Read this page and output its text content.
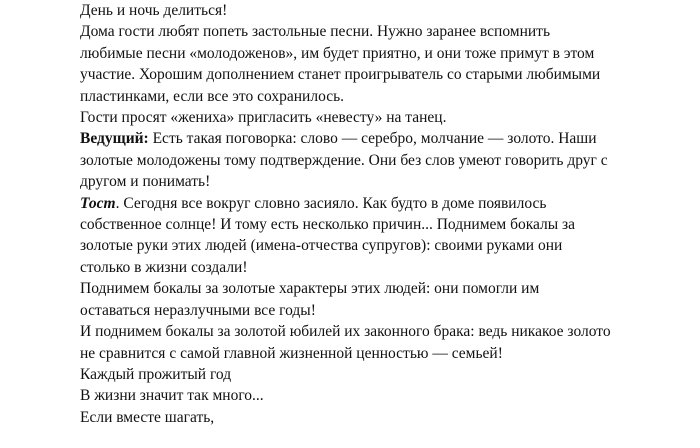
День и ночь делиться!

Дома гости любят попеть застольные песни. Нужно заранее вспомнить

любимые песни «молодоженов», им будет приятно, и они тоже примут в этом

участие. Хорошим дополнением станет проигрыватель со старыми любимыми

пластинками, если все это сохранилось.

Гости просят «жениха» пригласить «невесту» на танец.

Ведущий: Есть такая поговорка: слово — серебро, молчание — золото. Наши

золотые молодожены тому подтверждение. Они без слов умеют говорить друг с

другом и понимать!

Тост. Сегодня все вокруг словно засияло. Как будто в доме появилось

собственное солнце! И тому есть несколько причин... Поднимем бокалы за

золотые руки этих людей (имена-отчества супругов): своими руками они

столько в жизни создали!

Поднимем бокалы за золотые характеры этих людей: они помогли им

оставаться неразлучными все годы!

И поднимем бокалы за золотой юбилей их законного брака: ведь никакое золото

не сравнится с самой главной жизненной ценностью — семьей!

Каждый прожитый год

В жизни значит так много...

Если вместе шагать,
